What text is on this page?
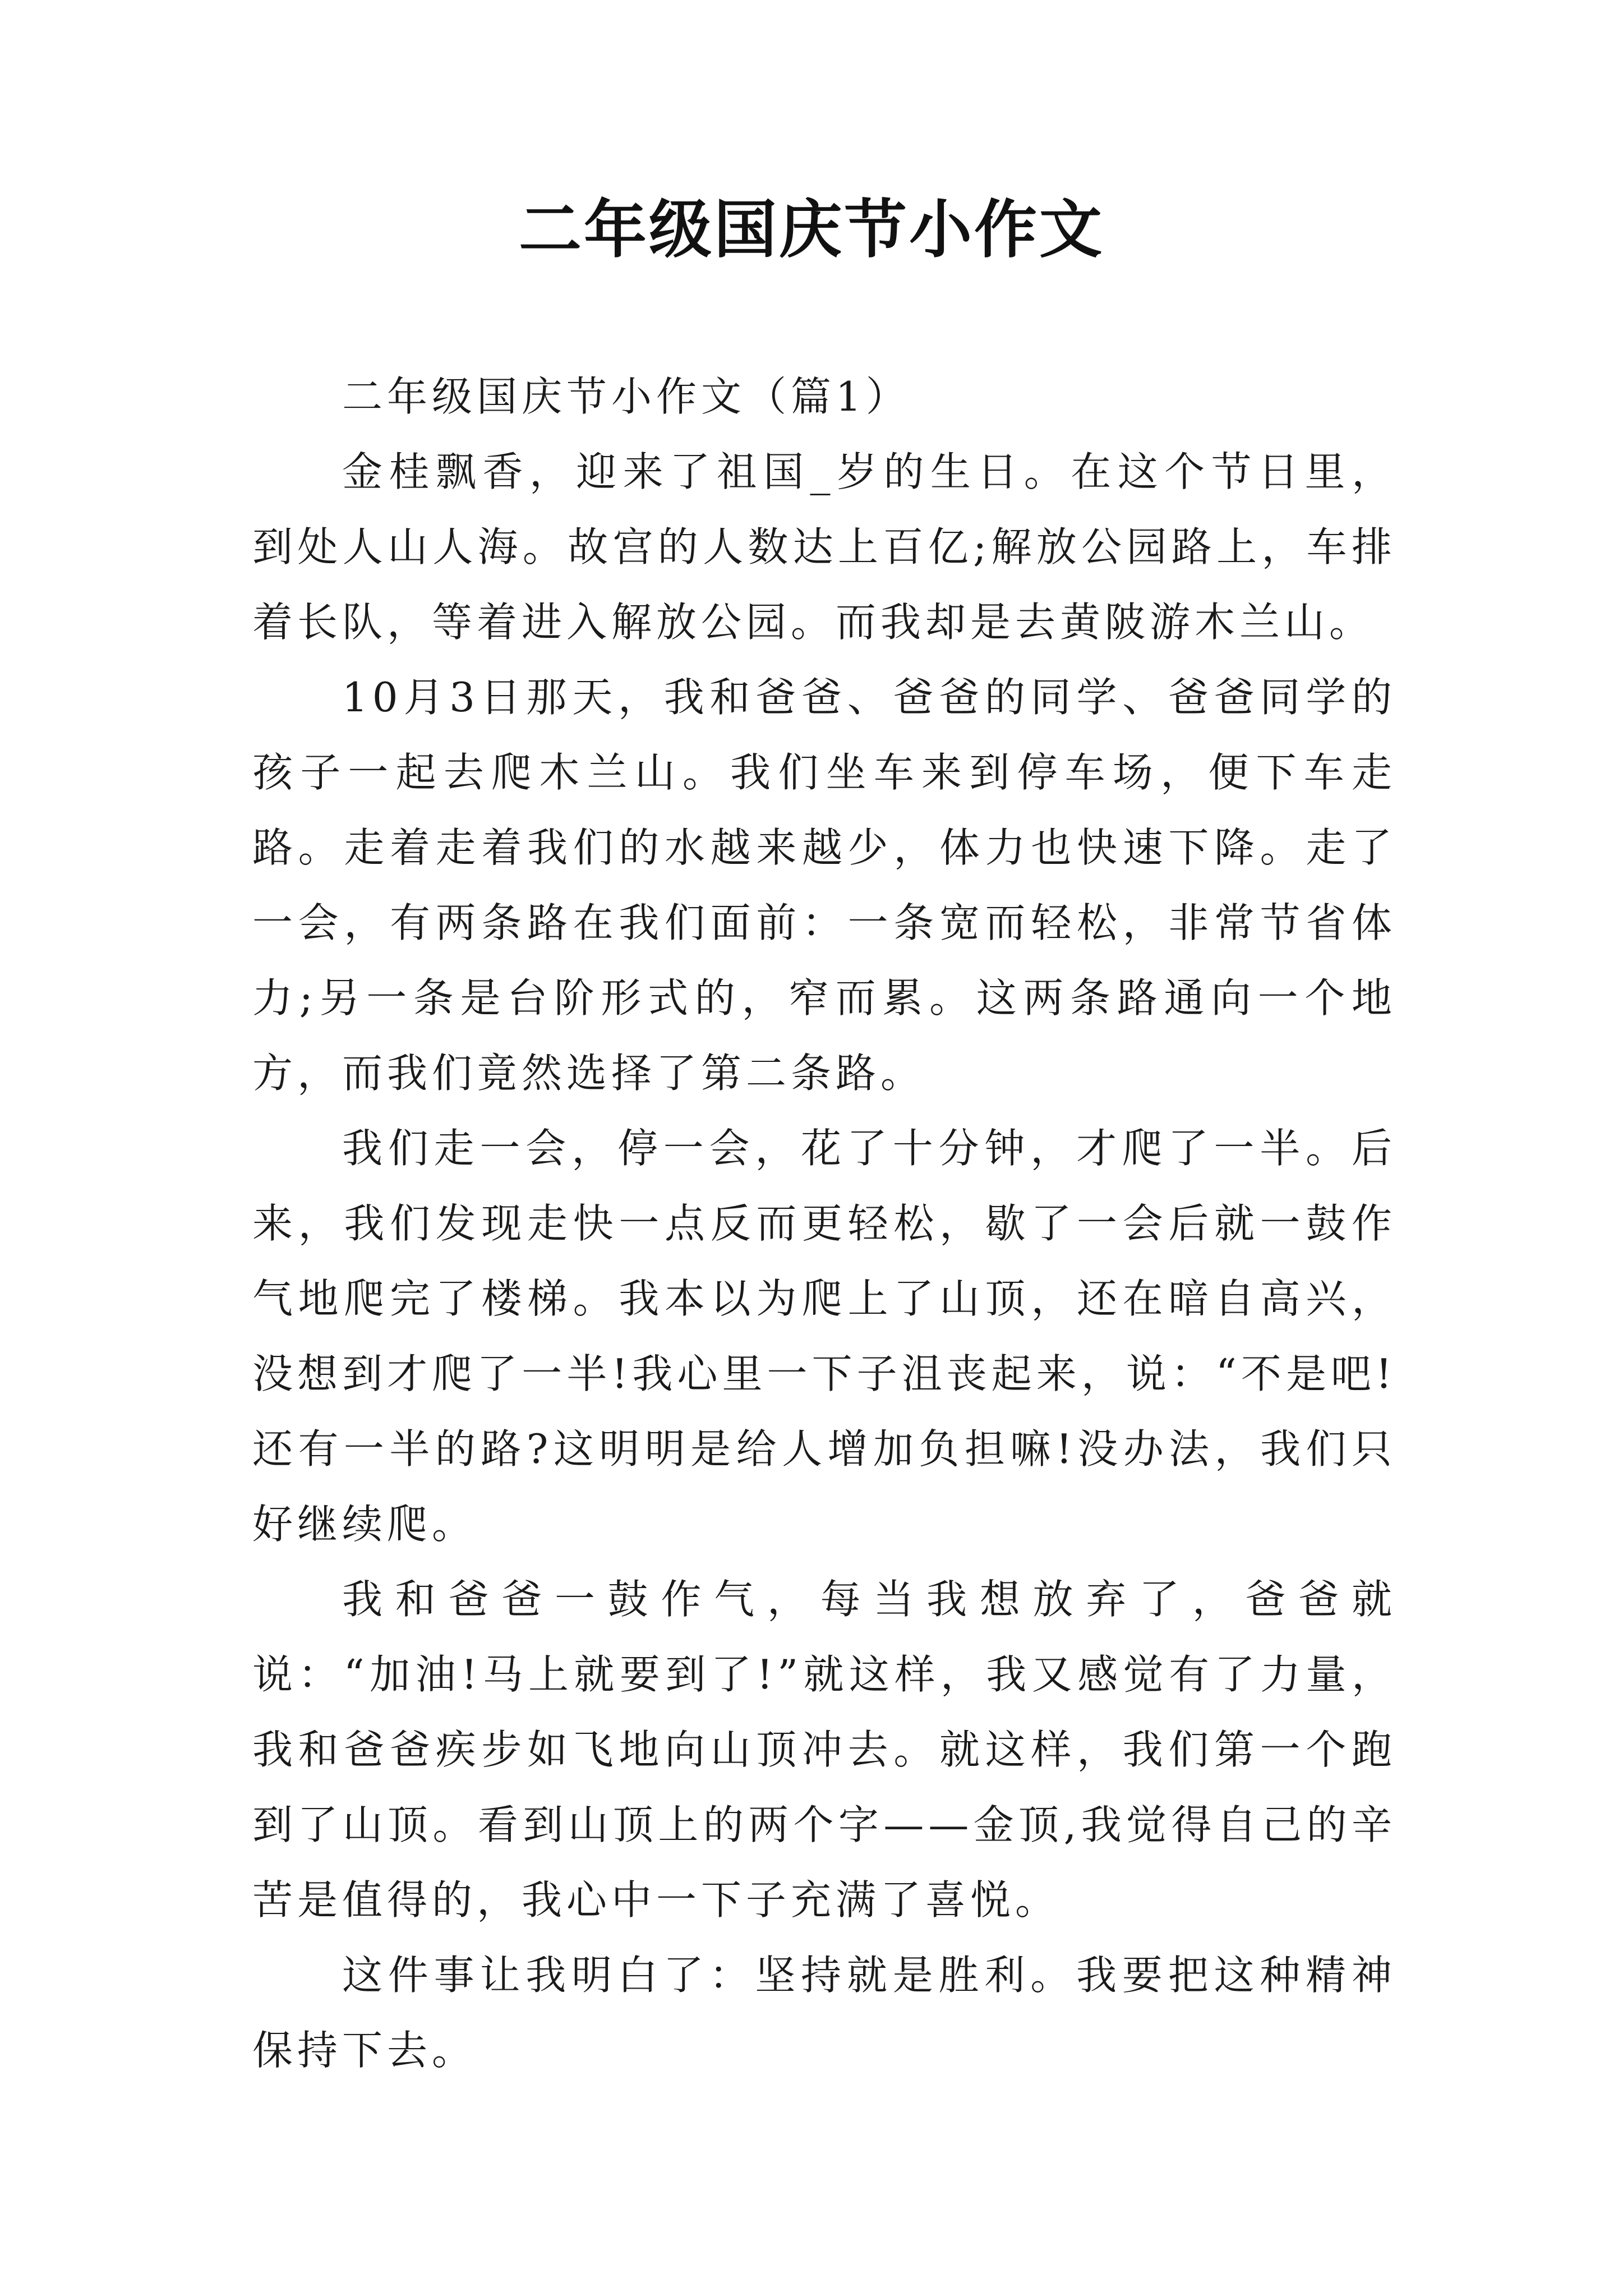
二年级国庆节小作文

二年级国庆节小作文（篇1）

金桂飘香，迎来了祖国_岁的生日。在这个节日里，到处人山人海。故宫的人数达上百亿;解放公园路上，车排着长队，等着进入解放公园。而我却是去黄陂游木兰山。

10月3日那天，我和爸爸、爸爸的同学、爸爸同学的孩子一起去爬木兰山。我们坐车来到停车场，便下车走路。走着走着我们的水越来越少，体力也快速下降。走了一会，有两条路在我们面前：一条宽而轻松，非常节省体力;另一条是台阶形式的，窄而累。这两条路通向一个地方，而我们竟然选择了第二条路。

我们走一会，停一会，花了十分钟，才爬了一半。后来，我们发现走快一点反而更轻松，歇了一会后就一鼓作气地爬完了楼梯。我本以为爬上了山顶，还在暗自高兴，没想到才爬了一半!我心里一下子沮丧起来，说：“不是吧!还有一半的路?这明明是给人增加负担嘛!没办法，我们只好继续爬。

我和爸爸一鼓作气，每当我想放弃了，爸爸就说：“加油!马上就要到了!”就这样，我又感觉有了力量，我和爸爸疾步如飞地向山顶冲去。就这样，我们第一个跑到了山顶。看到山顶上的两个字——金顶,我觉得自己的辛苦是值得的，我心中一下子充满了喜悦。

这件事让我明白了：坚持就是胜利。我要把这种精神保持下去。
